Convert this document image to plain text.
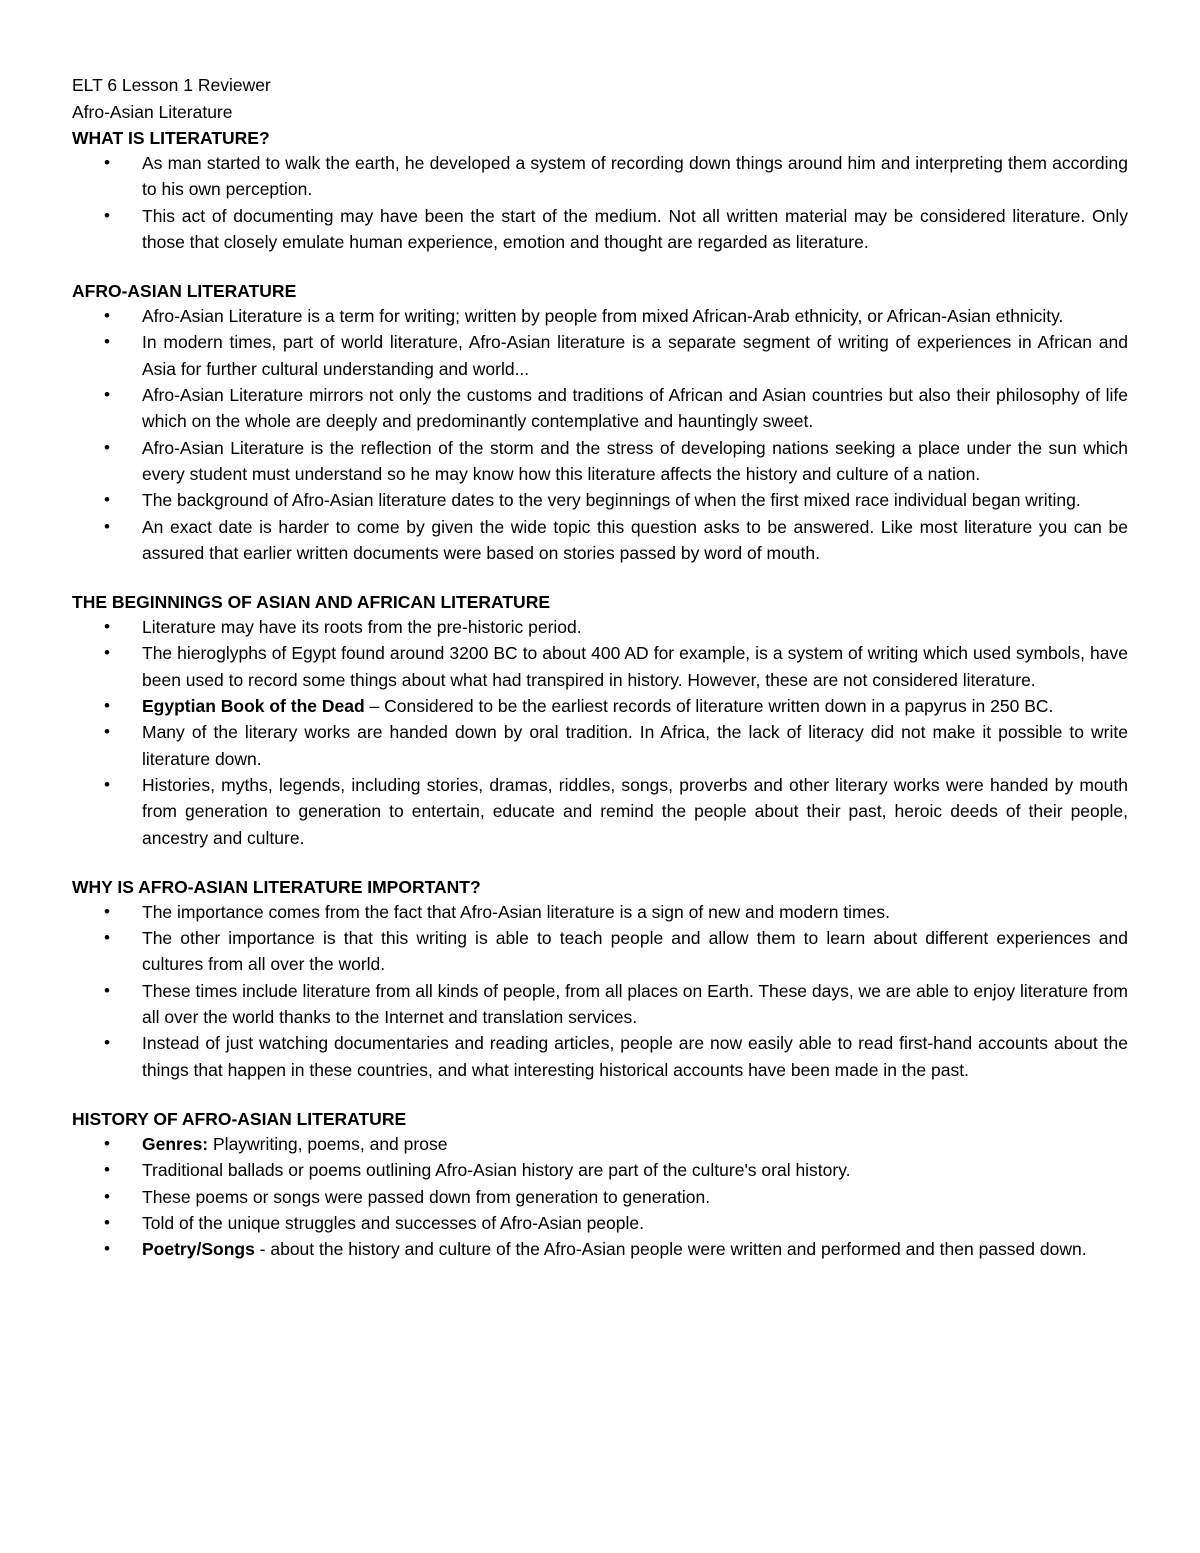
ELT 6 Lesson 1 Reviewer

Afro-Asian Literature

WHAT IS LITERATURE?

• As man started to walk the earth, he developed a system of recording down things around him and interpreting them according to his own perception.
• This act of documenting may have been the start of the medium. Not all written material may be considered literature. Only those that closely emulate human experience, emotion and thought are regarded as literature.

AFRO-ASIAN LITERATURE

• Afro-Asian Literature is a term for writing; written by people from mixed African-Arab ethnicity, or African-Asian ethnicity.
• In modern times, part of world literature, Afro-Asian literature is a separate segment of writing of experiences in African and Asia for further cultural understanding and world...
• Afro-Asian Literature mirrors not only the customs and traditions of African and Asian countries but also their philosophy of life which on the whole are deeply and predominantly contemplative and hauntingly sweet.
• Afro-Asian Literature is the reflection of the storm and the stress of developing nations seeking a place under the sun which every student must understand so he may know how this literature affects the history and culture of a nation.
• The background of Afro-Asian literature dates to the very beginnings of when the first mixed race individual began writing.
• An exact date is harder to come by given the wide topic this question asks to be answered. Like most literature you can be assured that earlier written documents were based on stories passed by word of mouth.

THE BEGINNINGS OF ASIAN AND AFRICAN LITERATURE

• Literature may have its roots from the pre-historic period.
• The hieroglyphs of Egypt found around 3200 BC to about 400 AD for example, is a system of writing which used symbols, have been used to record some things about what had transpired in history. However, these are not considered literature.
• Egyptian Book of the Dead – Considered to be the earliest records of literature written down in a papyrus in 250 BC.
• Many of the literary works are handed down by oral tradition. In Africa, the lack of literacy did not make it possible to write literature down.
• Histories, myths, legends, including stories, dramas, riddles, songs, proverbs and other literary works were handed by mouth from generation to generation to entertain, educate and remind the people about their past, heroic deeds of their people, ancestry and culture.

WHY IS AFRO-ASIAN LITERATURE IMPORTANT?

• The importance comes from the fact that Afro-Asian literature is a sign of new and modern times.
• The other importance is that this writing is able to teach people and allow them to learn about different experiences and cultures from all over the world.
• These times include literature from all kinds of people, from all places on Earth. These days, we are able to enjoy literature from all over the world thanks to the Internet and translation services.
• Instead of just watching documentaries and reading articles, people are now easily able to read first-hand accounts about the things that happen in these countries, and what interesting historical accounts have been made in the past.

HISTORY OF AFRO-ASIAN LITERATURE

• Genres: Playwriting, poems, and prose
• Traditional ballads or poems outlining Afro-Asian history are part of the culture's oral history.
• These poems or songs were passed down from generation to generation.
• Told of the unique struggles and successes of Afro-Asian people.
• Poetry/Songs - about the history and culture of the Afro-Asian people were written and performed and then passed down.
